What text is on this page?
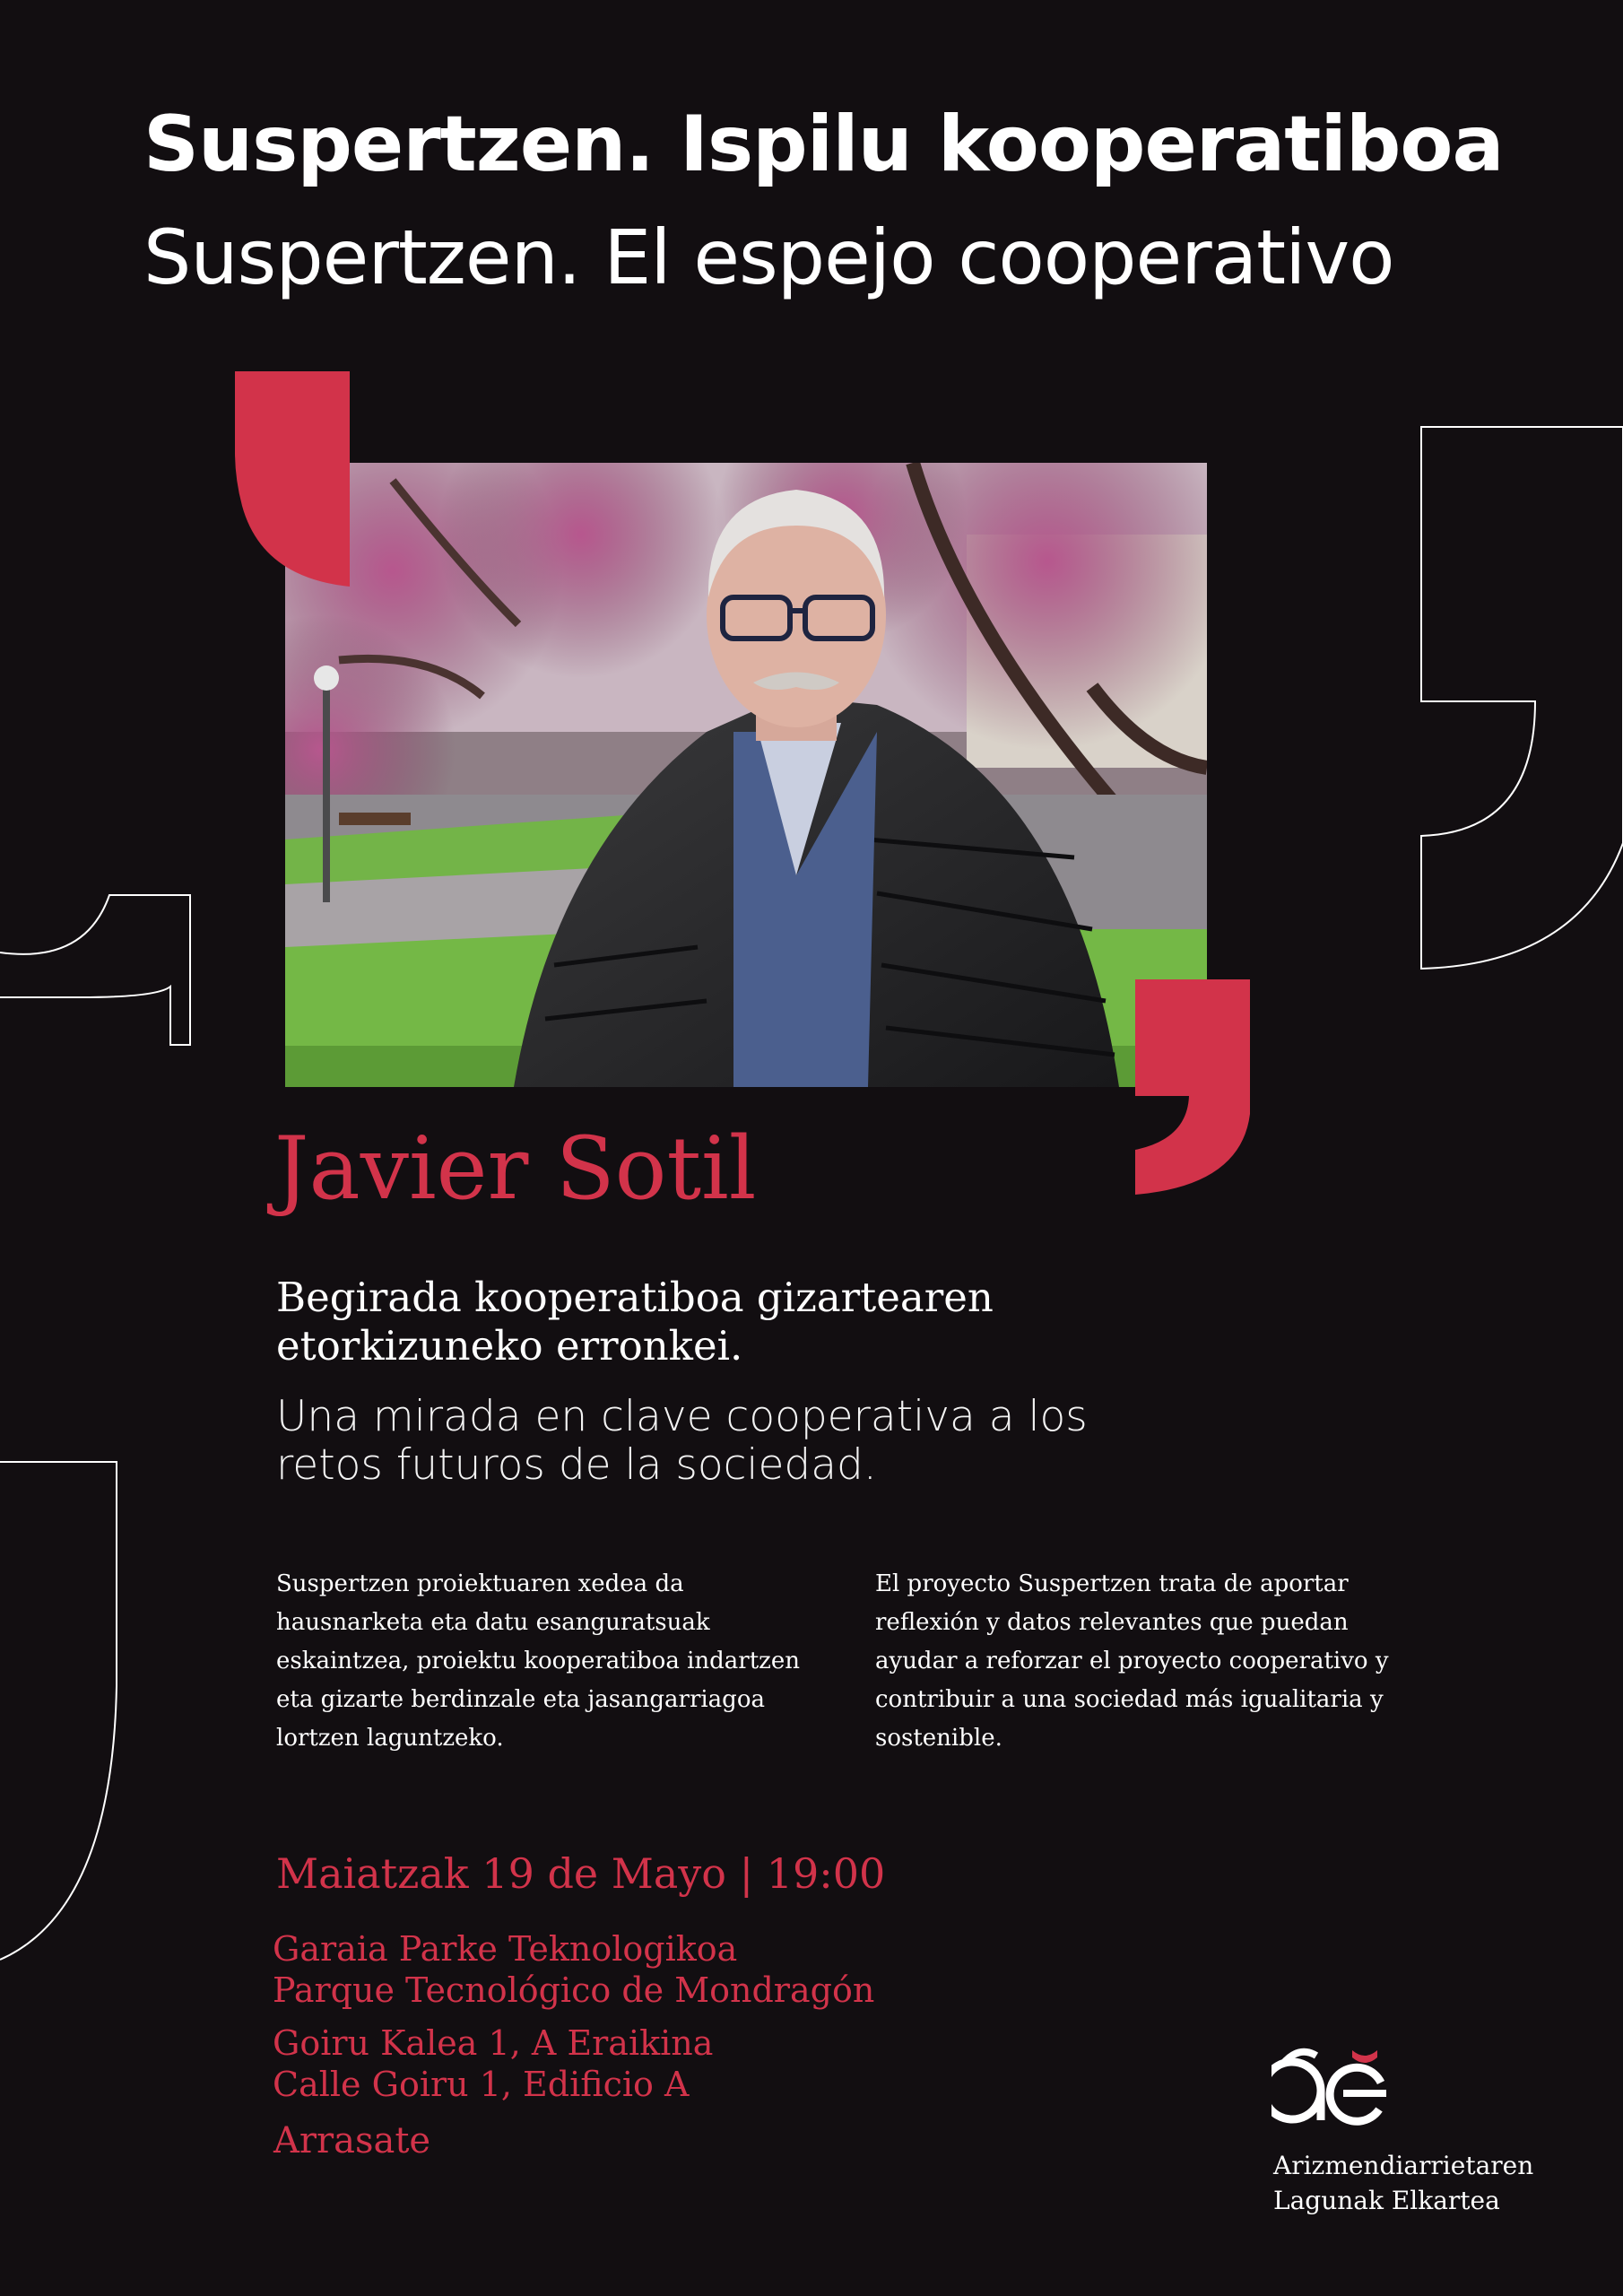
Suspertzen. Ispilu kooperatiboa
Suspertzen. El espejo cooperativo
Javier Sotil
Begirada kooperatiboa gizartearen
etorkizuneko erronkei.
Una mirada en clave cooperativa a los
retos futuros de la sociedad.
Suspertzen proiektuaren xedea da
hausnarketa eta datu esanguratsuak
eskaintzea, proiektu kooperatiboa indartzen
eta gizarte berdinzale eta jasangarriagoa
lortzen laguntzeko.
El proyecto Suspertzen trata de aportar
reflexión y datos relevantes que puedan
ayudar a reforzar el proyecto cooperativo y
contribuir a una sociedad más igualitaria y
sostenible.
Maiatzak 19 de Mayo | 19:00
Garaia Parke Teknologikoa
Parque Tecnológico de Mondragón
Goiru Kalea 1, A Eraikina
Calle Goiru 1, Edificio A
Arrasate
Arizmendiarrietaren
Lagunak Elkartea
